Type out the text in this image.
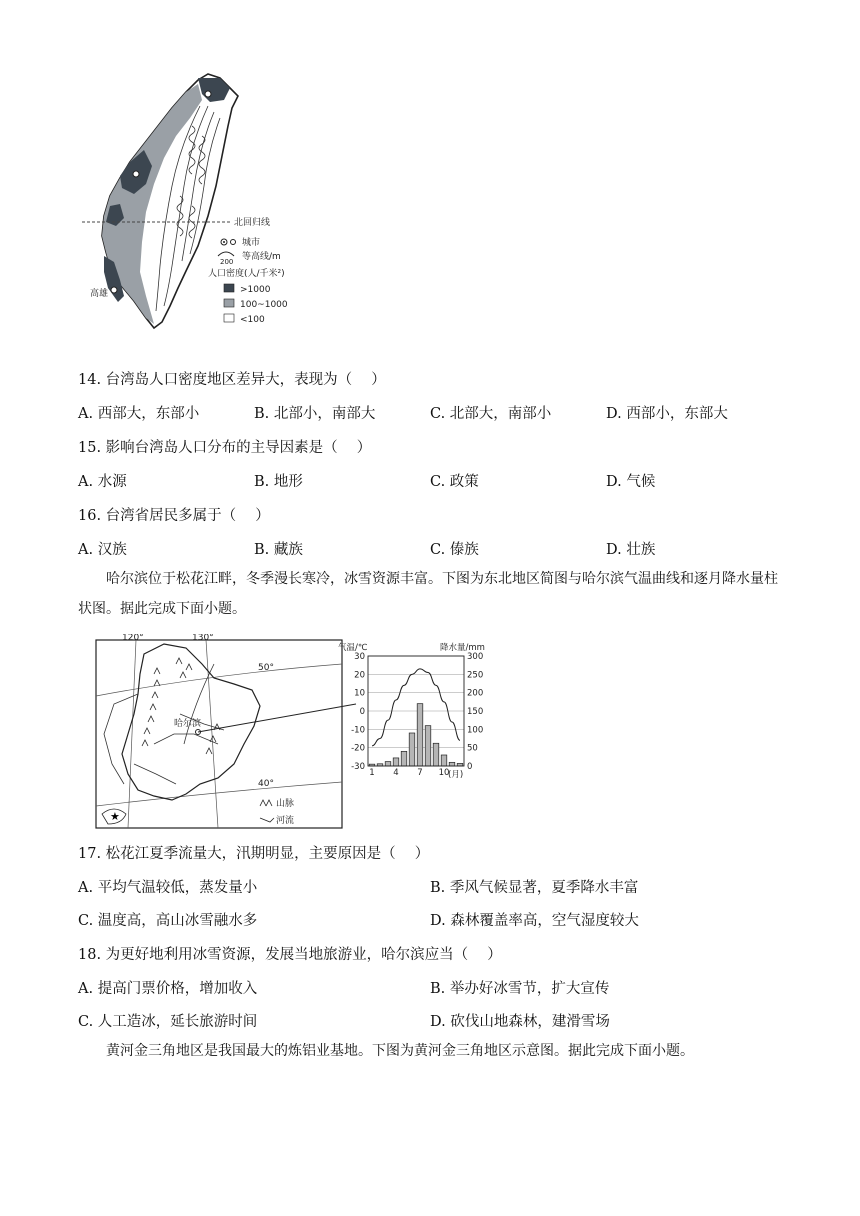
北回归线
高雄
城市
200 等高线/m
人口密度(人/千米²)
>1000
100~1000
<100
14. 台湾岛人口密度地区差异大，表现为（　 ）
A. 西部大，东部小	B. 北部小，南部大	C. 北部大，南部小	D. 西部小，东部大
15. 影响台湾岛人口分布的主导因素是（　 ）
A. 水源	B. 地形	C. 政策	D. 气候
16. 台湾省居民多属于（　 ）
A. 汉族	B. 藏族	C. 傣族	D. 壮族
哈尔滨位于松花江畔，冬季漫长寒冷，冰雪资源丰富。下图为东北地区简图与哈尔滨气温曲线和逐月降水量柱状图。据此完成下面小题。
120°	130°
50°
40°
哈尔滨
★
山脉
河流
气温/℃	降水量/mm
30
20
10
0
-10
-20
-30
300
250
200
150
100
50
0
1 4 7 10
(月)
17. 松花江夏季流量大，汛期明显，主要原因是（　 ）
A. 平均气温较低，蒸发量小	B. 季风气候显著，夏季降水丰富
C. 温度高，高山冰雪融水多	D. 森林覆盖率高，空气湿度较大
18. 为更好地利用冰雪资源，发展当地旅游业，哈尔滨应当（　 ）
A. 提高门票价格，增加收入	B. 举办好冰雪节，扩大宣传
C. 人工造冰，延长旅游时间	D. 砍伐山地森林，建滑雪场
黄河金三角地区是我国最大的炼铝业基地。下图为黄河金三角地区示意图。据此完成下面小题。
